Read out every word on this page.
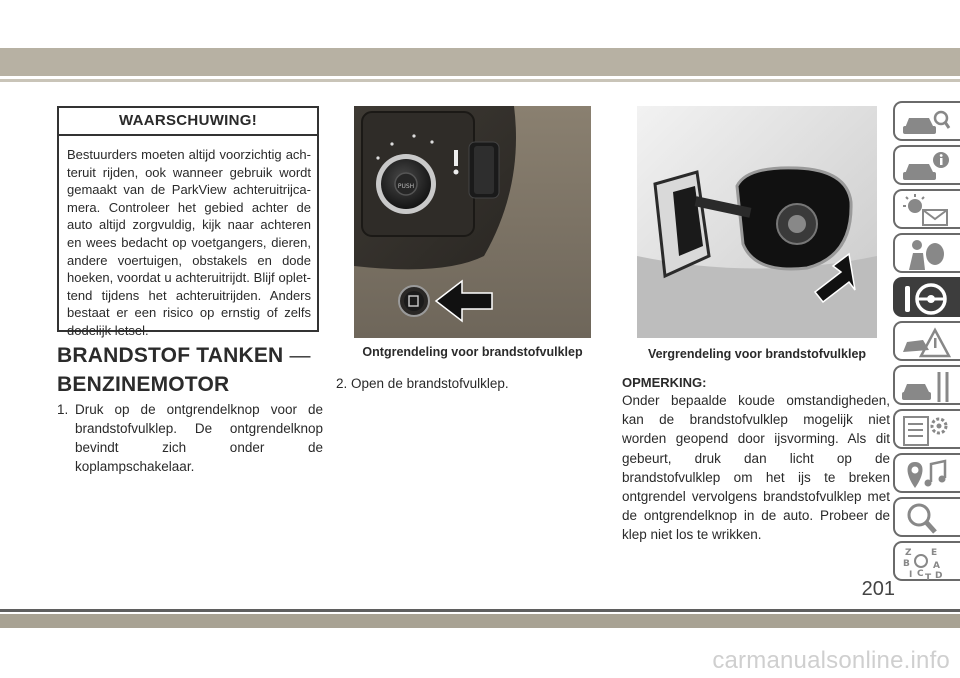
WAARSCHUWING!
Bestuurders moeten altijd voorzichtig achteruit rijden, ook wanneer gebruik wordt gemaakt van de ParkView achteruitrijcamera. Controleer het gebied achter de auto altijd zorgvuldig, kijk naar achteren en wees bedacht op voetgangers, dieren, andere voertuigen, obstakels en dode hoeken, voordat u achteruitrijdt. Blijf oplettend tijdens het achteruitrijden. Anders bestaat er een risico op ernstig of zelfs dodelijk letsel.
BRANDSTOF TANKEN —
BENZINEMOTOR
1. Druk op de ontgrendelknop voor de brandstofvulklep. De ontgrendelknop bevindt zich onder de koplampschakelaar.
PUSH
Ontgrendeling voor brandstofvulklep
2. Open de brandstofvulklep.
Vergrendeling voor brandstofvulklep
OPMERKING:
Onder bepaalde koude omstandigheden, kan de brandstofvulklep mogelijk niet worden geopend door ijsvorming. Als dit gebeurt, druk dan licht op de brandstofvulklep om het ijs te breken ontgrendel vervolgens brandstofvulklep met de ontgrendelknop in de auto. Probeer de klep niet los te wrikken.
Z E
B	A
C D
I T
201
carmanualsonline.info
